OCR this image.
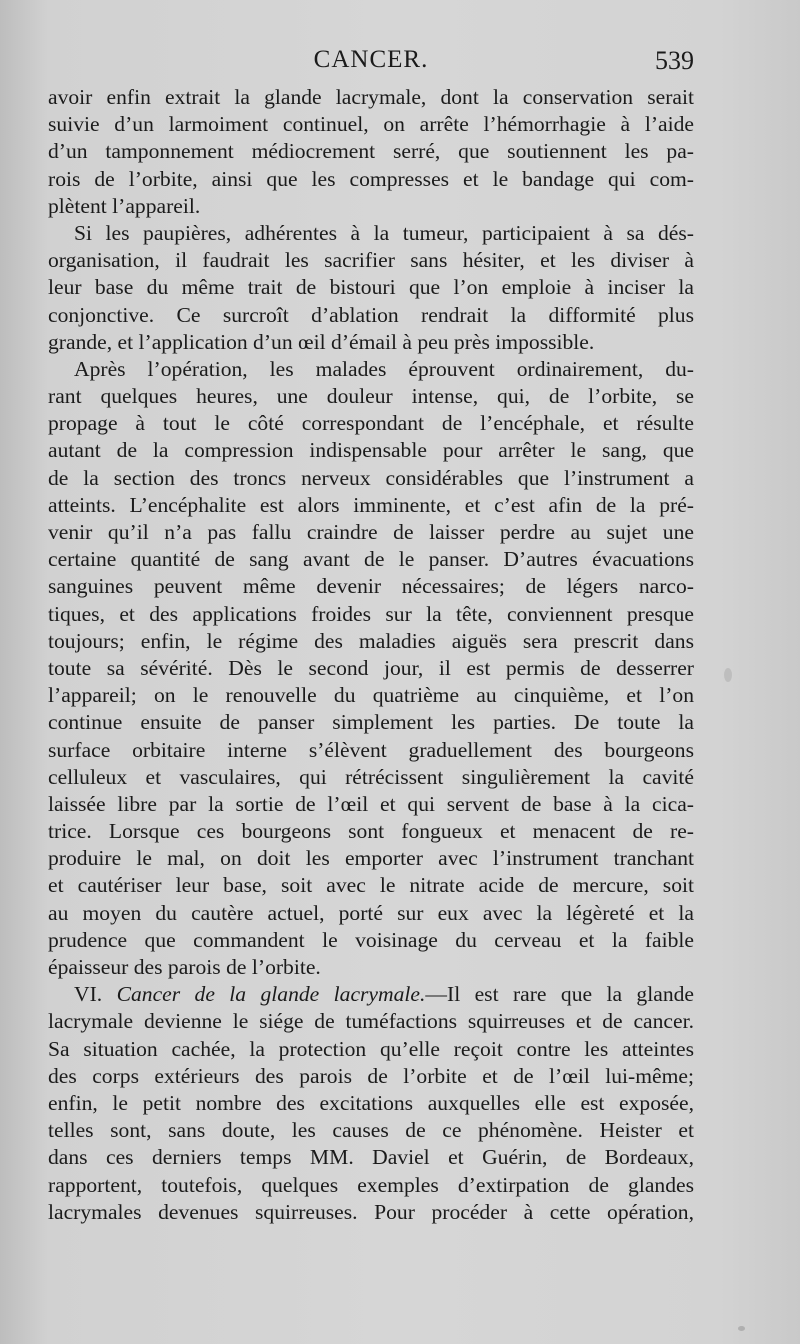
CANCER.	539
avoir enfin extrait la glande lacrymale, dont la conservation serait
suivie d’un larmoiment continuel, on arrête l’hémorrhagie à l’aide
d’un tamponnement médiocrement serré, que soutiennent les pa-
rois de l’orbite, ainsi que les compresses et le bandage qui com-
plètent l’appareil.
Si les paupières, adhérentes à la tumeur, participaient à sa dés-
organisation, il faudrait les sacrifier sans hésiter, et les diviser à
leur base du même trait de bistouri que l’on emploie à inciser la
conjonctive. Ce surcroît d’ablation rendrait la difformité plus
grande, et l’application d’un œil d’émail à peu près impossible.
Après l’opération, les malades éprouvent ordinairement, du-
rant quelques heures, une douleur intense, qui, de l’orbite, se
propage à tout le côté correspondant de l’encéphale, et résulte
autant de la compression indispensable pour arrêter le sang, que
de la section des troncs nerveux considérables que l’instrument a
atteints. L’encéphalite est alors imminente, et c’est afin de la pré-
venir qu’il n’a pas fallu craindre de laisser perdre au sujet une
certaine quantité de sang avant de le panser. D’autres évacuations
sanguines peuvent même devenir nécessaires; de légers narco-
tiques, et des applications froides sur la tête, conviennent presque
toujours; enfin, le régime des maladies aiguës sera prescrit dans
toute sa sévérité. Dès le second jour, il est permis de desserrer
l’appareil; on le renouvelle du quatrième au cinquième, et l’on
continue ensuite de panser simplement les parties. De toute la
surface orbitaire interne s’élèvent graduellement des bourgeons
celluleux et vasculaires, qui rétrécissent singulièrement la cavité
laissée libre par la sortie de l’œil et qui servent de base à la cica-
trice. Lorsque ces bourgeons sont fongueux et menacent de re-
produire le mal, on doit les emporter avec l’instrument tranchant
et cautériser leur base, soit avec le nitrate acide de mercure, soit
au moyen du cautère actuel, porté sur eux avec la légèreté et la
prudence que commandent le voisinage du cerveau et la faible
épaisseur des parois de l’orbite.
VI. Cancer de la glande lacrymale.—Il est rare que la glande
lacrymale devienne le siége de tuméfactions squirreuses et de cancer.
Sa situation cachée, la protection qu’elle reçoit contre les atteintes
des corps extérieurs des parois de l’orbite et de l’œil lui-même;
enfin, le petit nombre des excitations auxquelles elle est exposée,
telles sont, sans doute, les causes de ce phénomène. Heister et
dans ces derniers temps MM. Daviel et Guérin, de Bordeaux,
rapportent, toutefois, quelques exemples d’extirpation de glandes
lacrymales devenues squirreuses. Pour procéder à cette opération,
